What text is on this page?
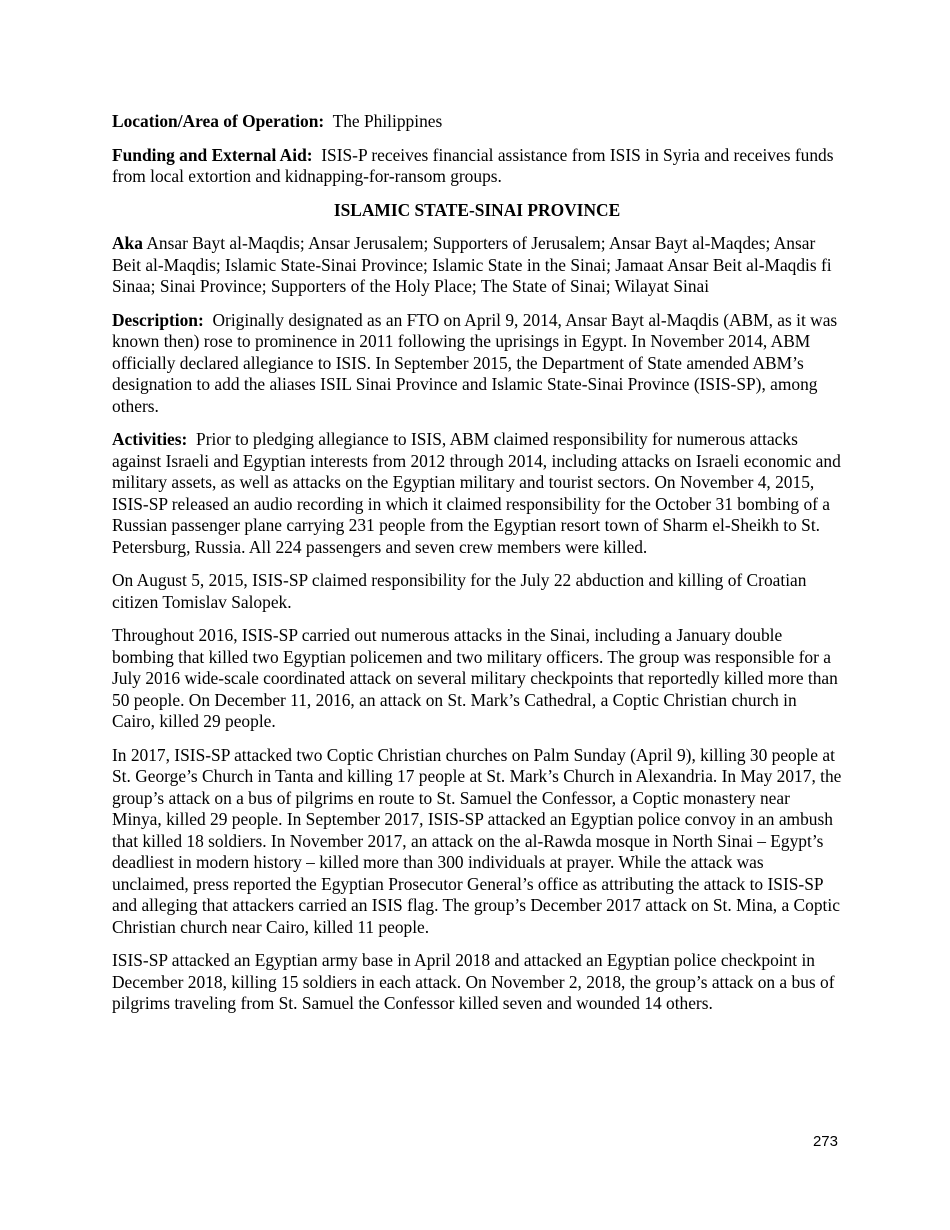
Location/Area of Operation: The Philippines

Funding and External Aid: ISIS-P receives financial assistance from ISIS in Syria and receives funds from local extortion and kidnapping-for-ransom groups.

ISLAMIC STATE-SINAI PROVINCE

Aka Ansar Bayt al-Maqdis; Ansar Jerusalem; Supporters of Jerusalem; Ansar Bayt al-Maqdes; Ansar Beit al-Maqdis; Islamic State-Sinai Province; Islamic State in the Sinai; Jamaat Ansar Beit al-Maqdis fi Sinaa; Sinai Province; Supporters of the Holy Place; The State of Sinai; Wilayat Sinai

Description: Originally designated as an FTO on April 9, 2014, Ansar Bayt al-Maqdis (ABM, as it was known then) rose to prominence in 2011 following the uprisings in Egypt. In November 2014, ABM officially declared allegiance to ISIS. In September 2015, the Department of State amended ABM’s designation to add the aliases ISIL Sinai Province and Islamic State-Sinai Province (ISIS-SP), among others.

Activities: Prior to pledging allegiance to ISIS, ABM claimed responsibility for numerous attacks against Israeli and Egyptian interests from 2012 through 2014, including attacks on Israeli economic and military assets, as well as attacks on the Egyptian military and tourist sectors. On November 4, 2015, ISIS-SP released an audio recording in which it claimed responsibility for the October 31 bombing of a Russian passenger plane carrying 231 people from the Egyptian resort town of Sharm el-Sheikh to St. Petersburg, Russia. All 224 passengers and seven crew members were killed.

On August 5, 2015, ISIS-SP claimed responsibility for the July 22 abduction and killing of Croatian citizen Tomislav Salopek.

Throughout 2016, ISIS-SP carried out numerous attacks in the Sinai, including a January double bombing that killed two Egyptian policemen and two military officers. The group was responsible for a July 2016 wide-scale coordinated attack on several military checkpoints that reportedly killed more than 50 people. On December 11, 2016, an attack on St. Mark’s Cathedral, a Coptic Christian church in Cairo, killed 29 people.

In 2017, ISIS-SP attacked two Coptic Christian churches on Palm Sunday (April 9), killing 30 people at St. George’s Church in Tanta and killing 17 people at St. Mark’s Church in Alexandria. In May 2017, the group’s attack on a bus of pilgrims en route to St. Samuel the Confessor, a Coptic monastery near Minya, killed 29 people. In September 2017, ISIS-SP attacked an Egyptian police convoy in an ambush that killed 18 soldiers. In November 2017, an attack on the al-Rawda mosque in North Sinai – Egypt’s deadliest in modern history – killed more than 300 individuals at prayer. While the attack was unclaimed, press reported the Egyptian Prosecutor General’s office as attributing the attack to ISIS-SP and alleging that attackers carried an ISIS flag. The group’s December 2017 attack on St. Mina, a Coptic Christian church near Cairo, killed 11 people.

ISIS-SP attacked an Egyptian army base in April 2018 and attacked an Egyptian police checkpoint in December 2018, killing 15 soldiers in each attack. On November 2, 2018, the group’s attack on a bus of pilgrims traveling from St. Samuel the Confessor killed seven and wounded 14 others.

273
